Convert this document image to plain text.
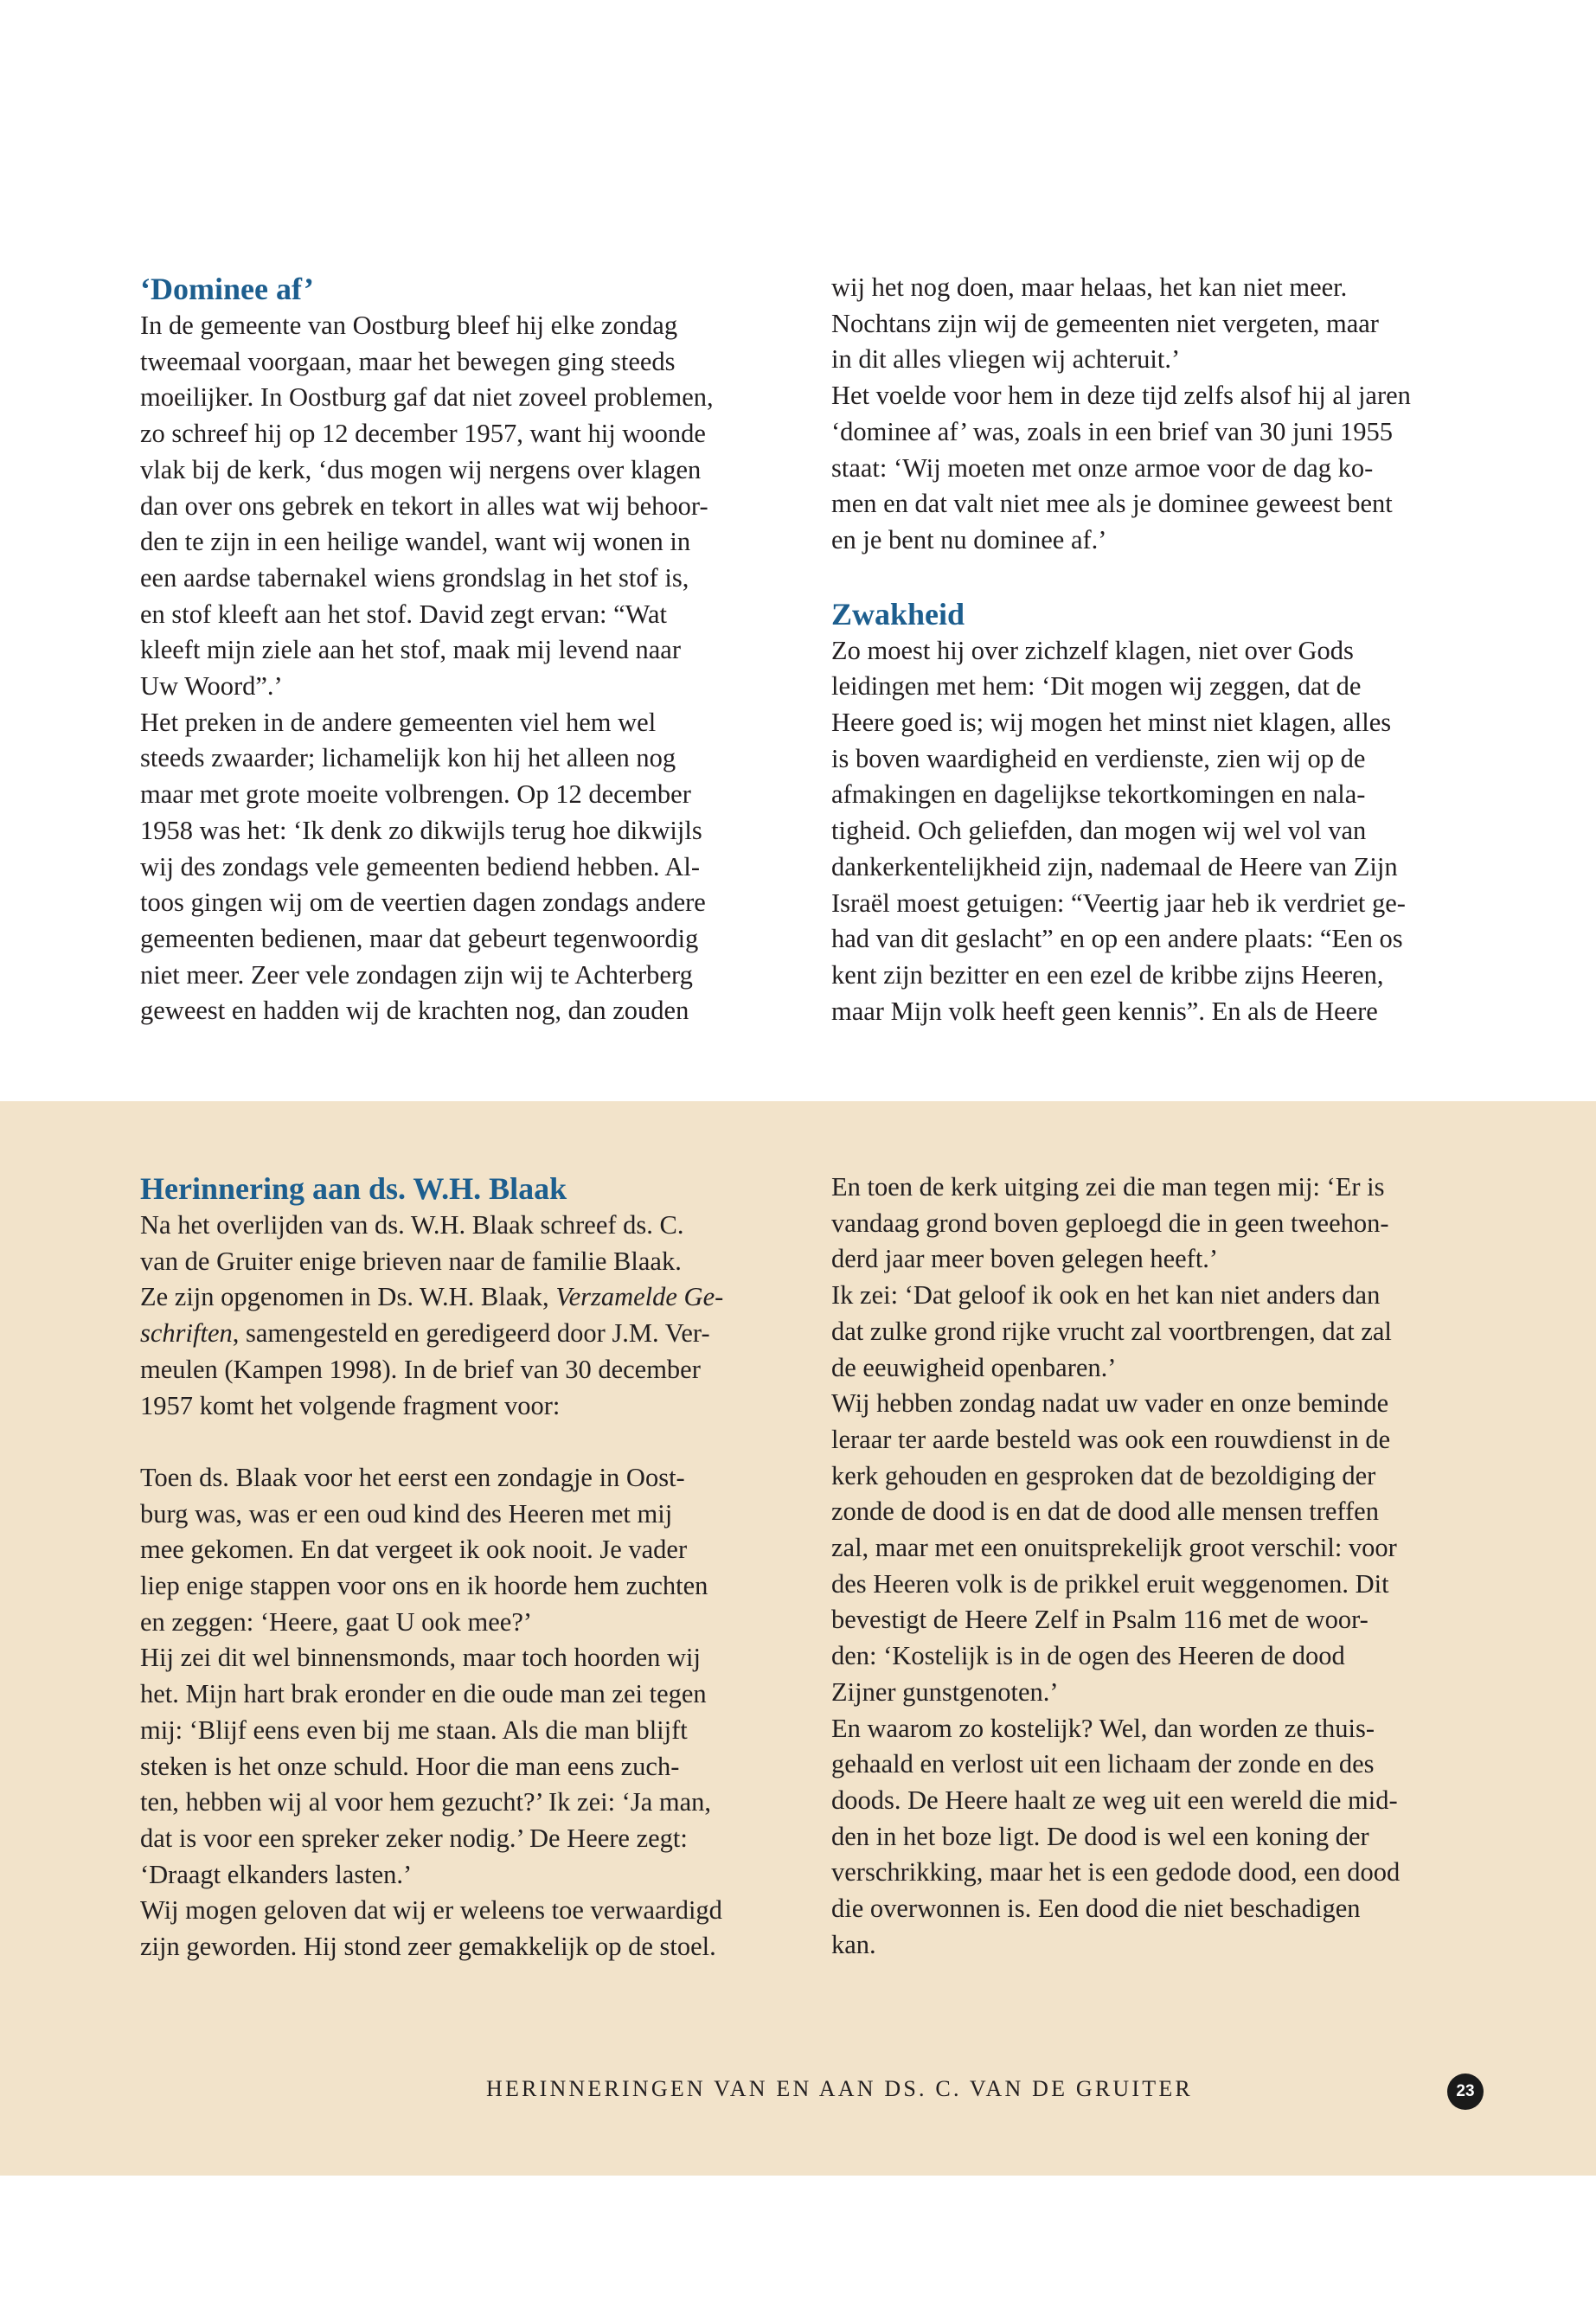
‘Dominee af’
In de gemeente van Oostburg bleef hij elke zondag
tweemaal voorgaan, maar het bewegen ging steeds
moeilijker. In Oostburg gaf dat niet zoveel problemen,
zo schreef hij op 12 december 1957, want hij woonde
vlak bij de kerk, ‘dus mogen wij nergens over klagen
dan over ons gebrek en tekort in alles wat wij behoor-
den te zijn in een heilige wandel, want wij wonen in
een aardse tabernakel wiens grondslag in het stof is,
en stof kleeft aan het stof. David zegt ervan: “Wat
kleeft mijn ziele aan het stof, maak mij levend naar
Uw Woord”.’
Het preken in de andere gemeenten viel hem wel
steeds zwaarder; lichamelijk kon hij het alleen nog
maar met grote moeite volbrengen. Op 12 december
1958 was het: ‘Ik denk zo dikwijls terug hoe dikwijls
wij des zondags vele gemeenten bediend hebben. Al-
toos gingen wij om de veertien dagen zondags andere
gemeenten bedienen, maar dat gebeurt tegenwoordig
niet meer. Zeer vele zondagen zijn wij te Achterberg
geweest en hadden wij de krachten nog, dan zouden
wij het nog doen, maar helaas, het kan niet meer.
Nochtans zijn wij de gemeenten niet vergeten, maar
in dit alles vliegen wij achteruit.’
Het voelde voor hem in deze tijd zelfs alsof hij al jaren
‘dominee af’ was, zoals in een brief van 30 juni 1955
staat: ‘Wij moeten met onze armoe voor de dag ko-
men en dat valt niet mee als je dominee geweest bent
en je bent nu dominee af.’
Zwakheid
Zo moest hij over zichzelf klagen, niet over Gods
leidingen met hem: ‘Dit mogen wij zeggen, dat de
Heere goed is; wij mogen het minst niet klagen, alles
is boven waardigheid en verdienste, zien wij op de
afmakingen en dagelijkse tekortkomingen en nala-
tigheid. Och geliefden, dan mogen wij wel vol van
dankerkentelijkheid zijn, nademaal de Heere van Zijn
Israël moest getuigen: “Veertig jaar heb ik verdriet ge-
had van dit geslacht” en op een andere plaats: “Een os
kent zijn bezitter en een ezel de kribbe zijns Heeren,
maar Mijn volk heeft geen kennis”. En als de Heere
Herinnering aan ds. W.H. Blaak
Na het overlijden van ds. W.H. Blaak schreef ds. C.
van de Gruiter enige brieven naar de familie Blaak.
Ze zijn opgenomen in Ds. W.H. Blaak, Verzamelde Ge-
schriften, samengesteld en geredigeerd door J.M. Ver-
meulen (Kampen 1998). In de brief van 30 december
1957 komt het volgende fragment voor:
Toen ds. Blaak voor het eerst een zondagje in Oost-
burg was, was er een oud kind des Heeren met mij
mee gekomen. En dat vergeet ik ook nooit. Je vader
liep enige stappen voor ons en ik hoorde hem zuchten
en zeggen: ‘Heere, gaat U ook mee?’
Hij zei dit wel binnensmonds, maar toch hoorden wij
het. Mijn hart brak eronder en die oude man zei tegen
mij: ‘Blijf eens even bij me staan. Als die man blijft
steken is het onze schuld. Hoor die man eens zuch-
ten, hebben wij al voor hem gezucht?’ Ik zei: ‘Ja man,
dat is voor een spreker zeker nodig.’ De Heere zegt:
‘Draagt elkanders lasten.’
Wij mogen geloven dat wij er weleens toe verwaardigd
zijn geworden. Hij stond zeer gemakkelijk op de stoel.
En toen de kerk uitging zei die man tegen mij: ‘Er is
vandaag grond boven geploegd die in geen tweehon-
derd jaar meer boven gelegen heeft.’
Ik zei: ‘Dat geloof ik ook en het kan niet anders dan
dat zulke grond rijke vrucht zal voortbrengen, dat zal
de eeuwigheid openbaren.’
Wij hebben zondag nadat uw vader en onze beminde
leraar ter aarde besteld was ook een rouwdienst in de
kerk gehouden en gesproken dat de bezoldiging der
zonde de dood is en dat de dood alle mensen treffen
zal, maar met een onuitsprekelijk groot verschil: voor
des Heeren volk is de prikkel eruit weggenomen. Dit
bevestigt de Heere Zelf in Psalm 116 met de woor-
den: ‘Kostelijk is in de ogen des Heeren de dood
Zijner gunstgenoten.’
En waarom zo kostelijk? Wel, dan worden ze thuis-
gehaald en verlost uit een lichaam der zonde en des
doods. De Heere haalt ze weg uit een wereld die mid-
den in het boze ligt. De dood is wel een koning der
verschrikking, maar het is een gedode dood, een dood
die overwonnen is. Een dood die niet beschadigen
kan.
HERINNERINGEN VAN EN AAN DS. C. VAN DE GRUITER	23
